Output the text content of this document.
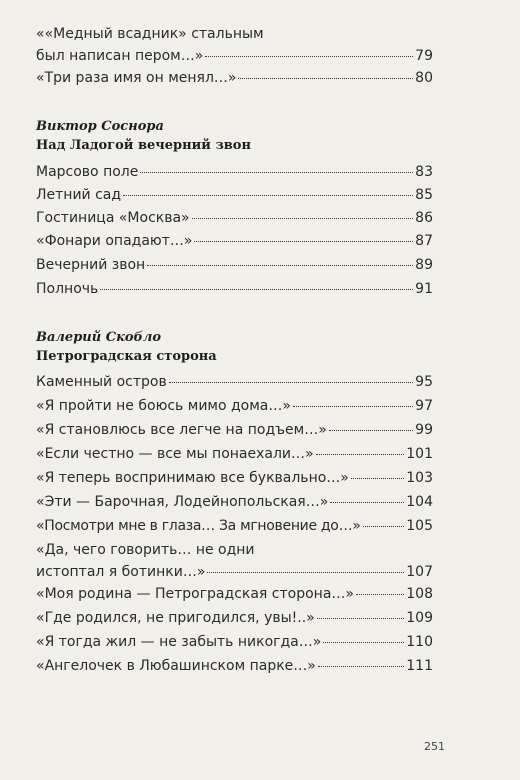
««Медный всадник» стальным
был написан пером…»	79
«Три раза имя он менял…»	80
Виктор Соснора
Над Ладогой вечерний звон
Марсово поле	83
Летний сад	85
Гостиница «Москва»	86
«Фонари опадают…»	87
Вечерний звон	89
Полночь	91
Валерий Скобло
Петроградская сторона
Каменный остров	95
«Я пройти не боюсь мимо дома…»	97
«Я становлюсь все легче на подъем…»	99
«Если честно — все мы понаехали…»	101
«Я теперь воспринимаю все буквально…»	103
«Эти — Барочная, Лодейнопольская…»	104
«Посмотри мне в глаза… За мгновение до…»	105
«Да, чего говорить… не одни
истоптал я ботинки…»	107
«Моя родина — Петроградская сторона…»	108
«Где родился, не пригодился, увы!..»	109
«Я тогда жил — не забыть никогда…»	110
«Ангелочек в Любашинском парке…»	111
251
